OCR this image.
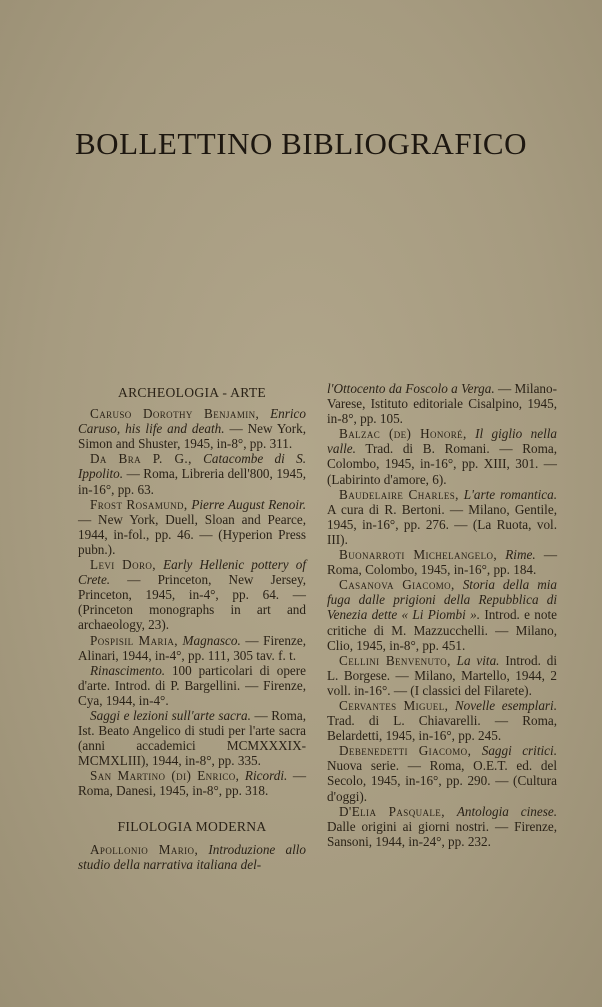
BOLLETTINO BIBLIOGRAFICO
ARCHEOLOGIA - ARTE

Caruso Dorothy Benjamin, Enrico Caruso, his life and death. — New York, Simon and Shuster, 1945, in-8°, pp. 311.

Da Bra P. G., Catacombe di S. Ippolito. — Roma, Libreria dell'800, 1945, in-16°, pp. 63.

Frost Rosamund, Pierre August Renoir. — New York, Duell, Sloan and Pearce, 1944, in-fol., pp. 46. — (Hyperion Press pubn.).

Levi Doro, Early Hellenic pottery of Crete. — Princeton, New Jersey, Princeton, 1945, in-4°, pp. 64. — (Princeton monographs in art and archaeology, 23).

Pospisil Maria, Magnasco. — Firenze, Alinari, 1944, in-4°, pp. 111, 305 tav. f. t.

Rinascimento. 100 particolari di opere d'arte. Introd. di P. Bargellini. — Firenze, Cya, 1944, in-4°.

Saggi e lezioni sull'arte sacra. — Roma, Ist. Beato Angelico di studi per l'arte sacra (anni accademici MCMXXXIX-MCMXLIII), 1944, in-8°, pp. 335.

San Martino (di) Enrico, Ricordi. — Roma, Danesi, 1945, in-8°, pp. 318.

FILOLOGIA MODERNA

Apollonio Mario, Introduzione allo studio della narrativa italiana del-

l'Ottocento da Foscolo a Verga. — Milano-Varese, Istituto editoriale Cisalpino, 1945, in-8°, pp. 105.

Balzac (de) Honoré, Il giglio nella valle. Trad. di B. Romani. — Roma, Colombo, 1945, in-16°, pp. XIII, 301. — (Labirinto d'amore, 6).

Baudelaire Charles, L'arte romantica. A cura di R. Bertoni. — Milano, Gentile, 1945, in-16°, pp. 276. — (La Ruota, vol. III).

Buonarroti Michelangelo, Rime. — Roma, Colombo, 1945, in-16°, pp. 184.

Casanova Giacomo, Storia della mia fuga dalle prigioni della Repubblica di Venezia dette « Li Piombi ». Introd. e note critiche di M. Mazzucchelli. — Milano, Clio, 1945, in-8°, pp. 451.

Cellini Benvenuto, La vita. Introd. di L. Borgese. — Milano, Martello, 1944, 2 voll. in-16°. — (I classici del Filarete).

Cervantes Miguel, Novelle esemplari. Trad. di L. Chiavarelli. — Roma, Belardetti, 1945, in-16°, pp. 245.

Debenedetti Giacomo, Saggi critici. Nuova serie. — Roma, O.E.T. ed. del Secolo, 1945, in-16°, pp. 290. — (Cultura d'oggi).

D'Elia Pasquale, Antologia cinese. Dalle origini ai giorni nostri. — Firenze, Sansoni, 1944, in-24°, pp. 232.
